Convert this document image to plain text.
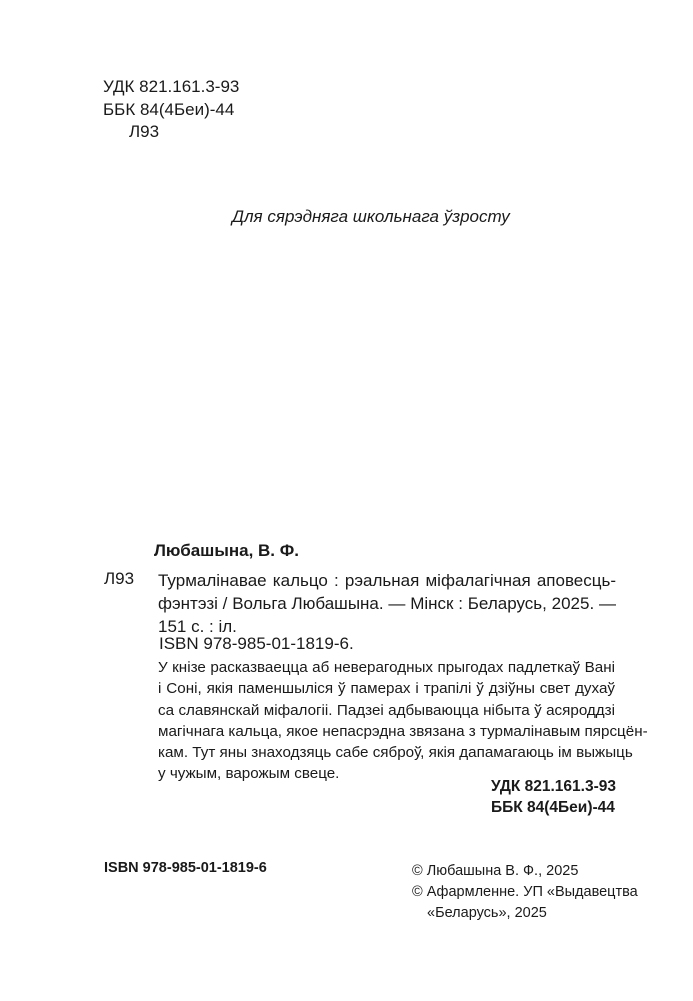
УДК 821.161.3-93
ББК 84(4Беи)-44
Л93
Для сярэдняга школьнага ўзросту
Любашына, В. Ф.
Л93 Турмалінавае кальцо : рэальная міфалагічная аповесць-
фэнтэзі / Вольга Любашына. — Мінск : Беларусь, 2025. —
151 с. : іл.
ISBN 978-985-01-1819-6.
У кнізе расказваецца аб неверагодных прыгодах падлеткаў Вані
і Соні, якія паменшыліся ў памерах і трапілі ў дзіўны свет духаў
са славянскай міфалогіі. Падзеі адбываюцца нібыта ў асяроддзі
магічнага кальца, якое непасрэдна звязана з турмалінавым пярсцён-
кам. Тут яны знаходзяць сабе сяброў, якія дапамагаюць ім выжыць
у чужым, варожым свеце.
УДК 821.161.3-93
ББК 84(4Беи)-44
ISBN 978-985-01-1819-6	© Любашына В. Ф., 2025
© Афармленне. УП «Выдавецтва
«Беларусь», 2025
